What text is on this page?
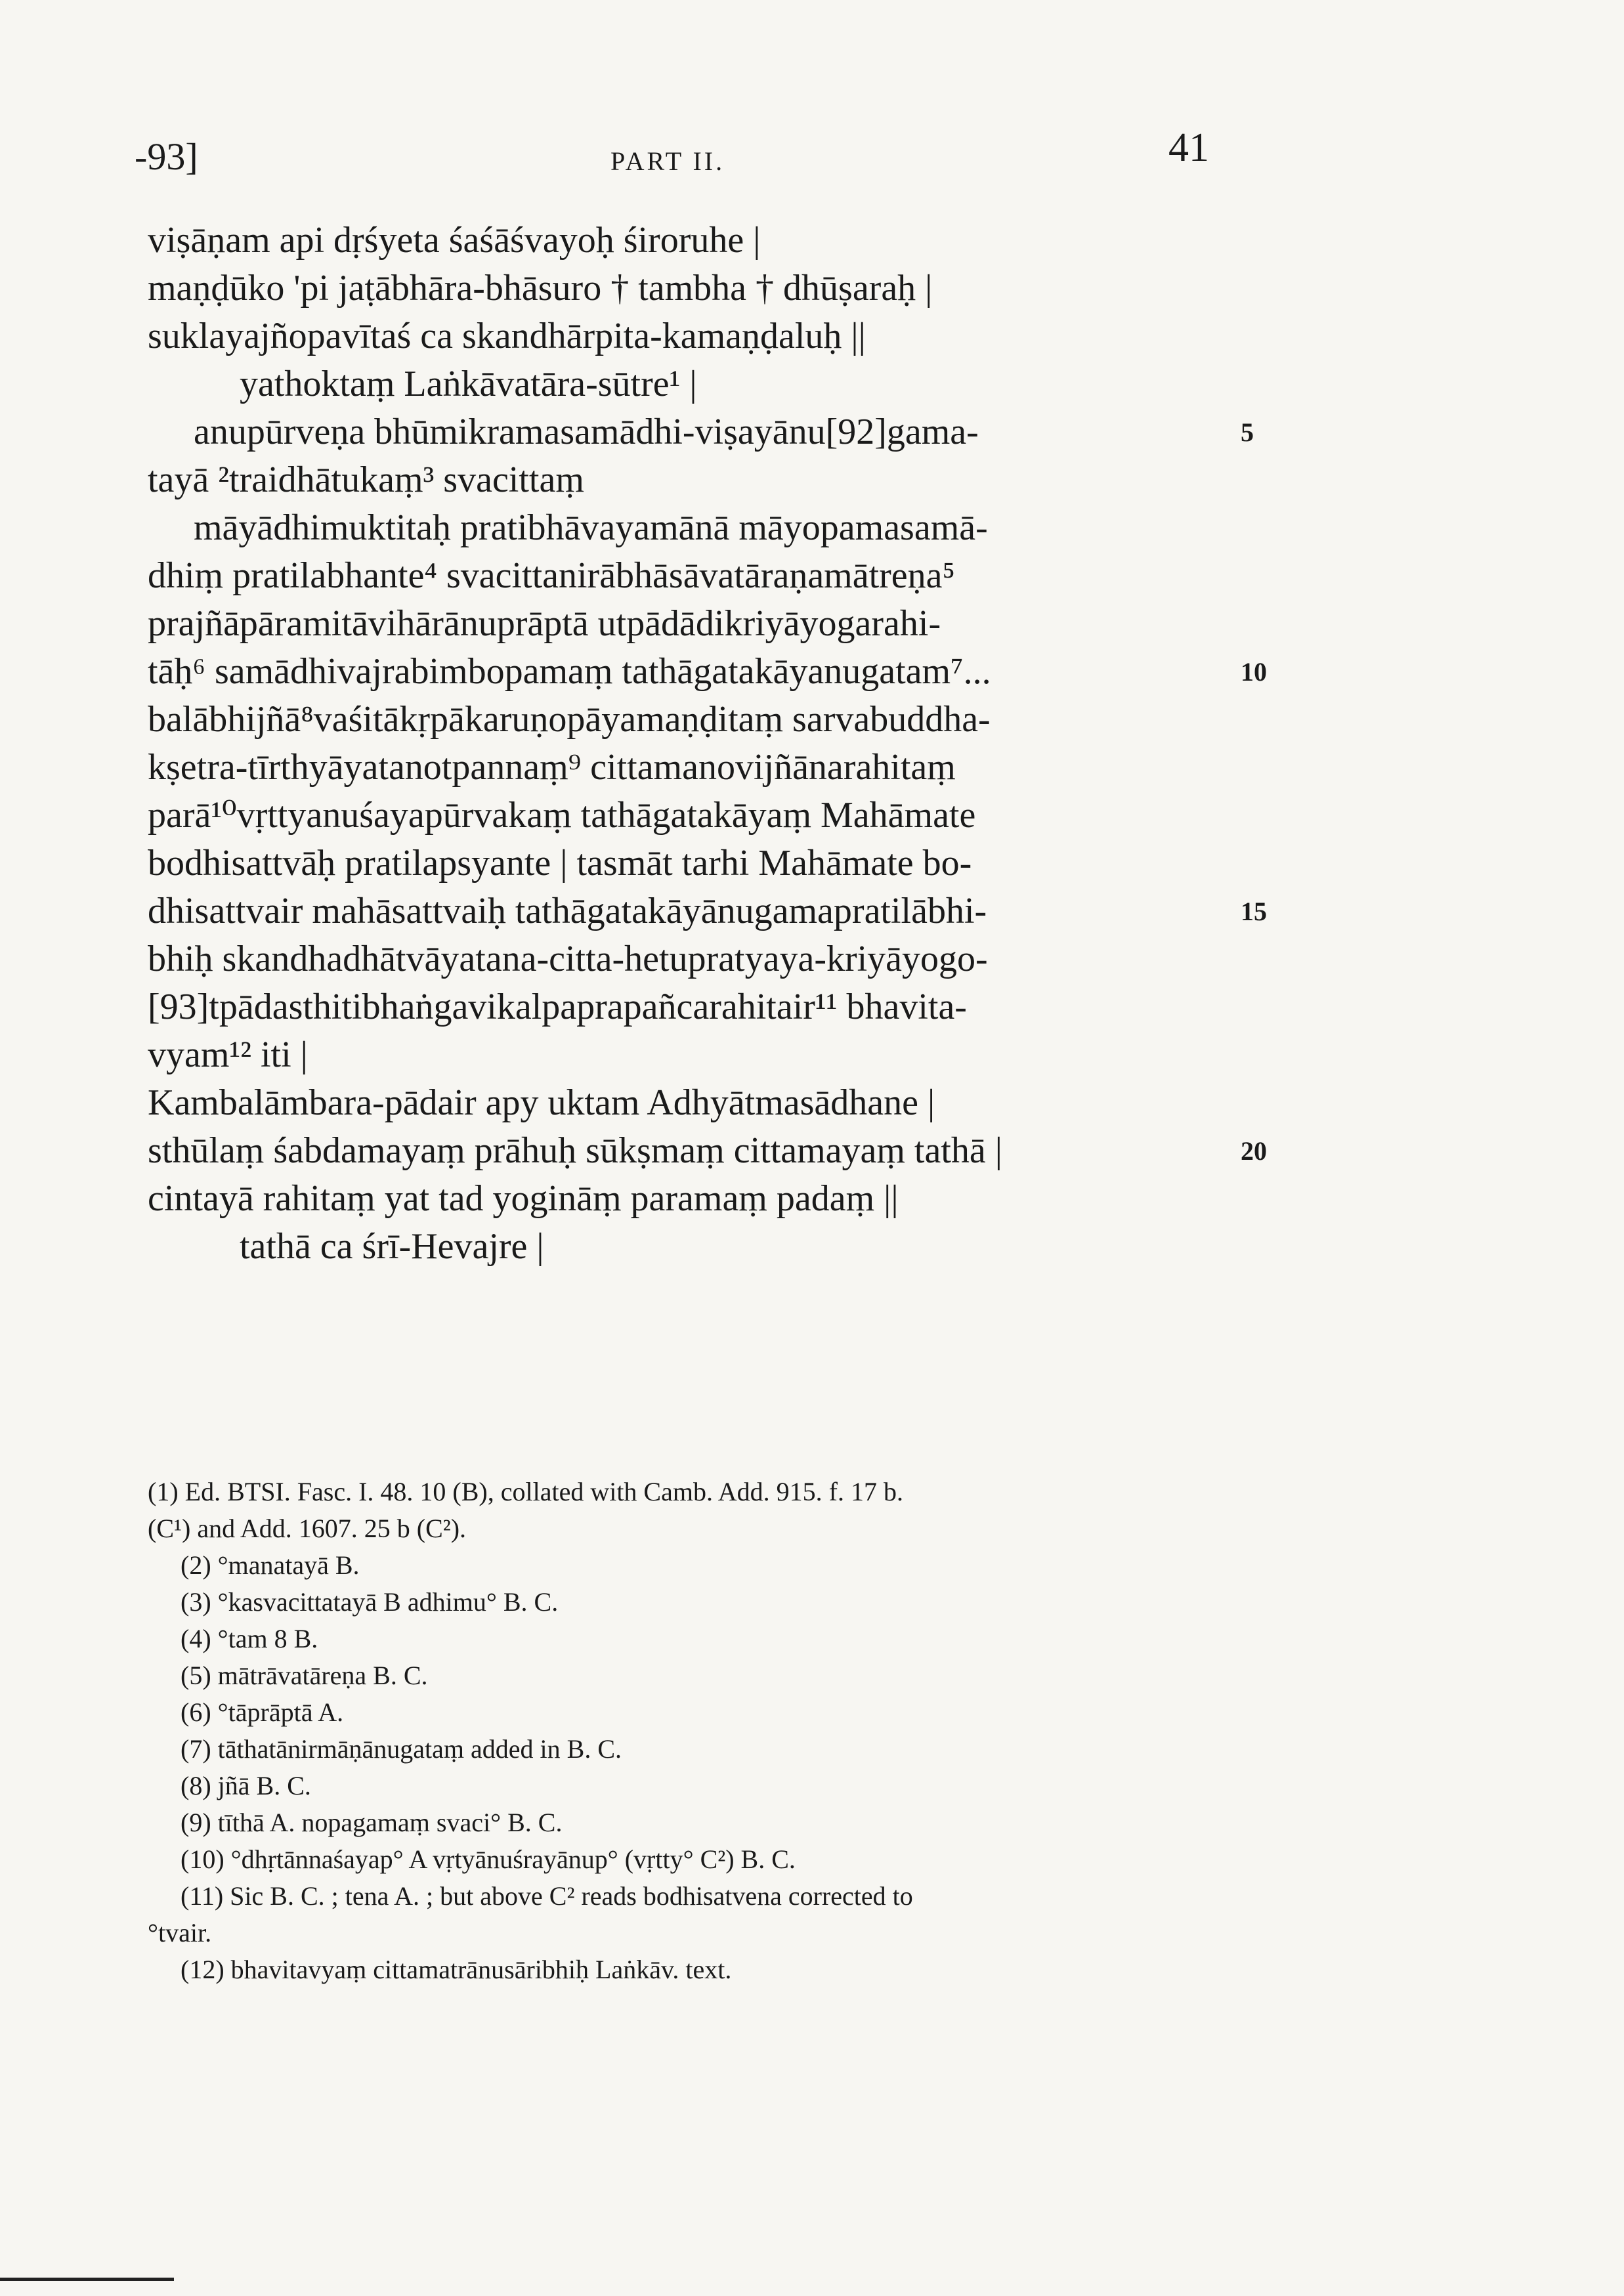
-93]	PART II.	41
viṣāṇam api dṛśyeta śaśāśvayoḥ śiroruhe |
maṇḍūko 'pi jaṭābhāra-bhāsuro † tambha † dhūṣaraḥ |
suklayajñopavītaś ca skandhārpita-kamaṇḍaluḥ ||
yathoktaṃ Laṅkāvatāra-sūtre¹ |
anupūrveṇa bhūmikramasamādhi-viṣayānu[92]gama-	5
tayā ²traidhātukaṃ³ svacittaṃ
māyādhimuktitaḥ pratibhāvayamānā māyopamasamā-
dhiṃ pratilabhante⁴ svacittanirābhāsāvatāraṇamātreṇa⁵
prajñāpāramitāvihārānuprāptā utpādādikriyāyogarahi-
tāḥ⁶ samādhivajrabimbopamaṃ tathāgatakāyanugatam⁷...	10
balābhijñā⁸vaśitākṛpākaruṇopāyamaṇḍitaṃ sarvabuddha-
kṣetra-tīrthyāyatanotpannaṃ⁹ cittamanovijñānarahitaṃ
parā¹⁰vṛttyanuśayapūrvakaṃ tathāgatakāyaṃ Mahāmate
bodhisattvāḥ pratilapsyante | tasmāt tarhi Mahāmate bo-
dhisattvair mahāsattvaiḥ tathāgatakāyānugamapratilābhi-	15
bhiḥ skandhadhātvāyatana-citta-hetupratyaya-kriyāyogo-
[93]tpādasthitibhaṅgavikalpaprapañcarahitair¹¹ bhavita-
vyam¹² iti |
Kambalāmbara-pādair apy uktam Adhyātmasādhane |
sthūlaṃ śabdamayaṃ prāhuḥ sūkṣmaṃ cittamayaṃ tathā |	20
cintayā rahitaṃ yat tad yogināṃ paramaṃ padaṃ ||
tathā ca śrī-Hevajre |
(1) Ed. BTSI. Fasc. I. 48. 10 (B), collated with Camb. Add. 915. f. 17 b.
(C¹) and Add. 1607. 25 b (C²).
(2) °manatayā B.
(3) °kasvacittatayā B adhimu° B. C.
(4) °tam 8 B.
(5) mātrāvatāreṇa B. C.
(6) °tāprāptā A.
(7) tāthatānirmāṇānugataṃ added in B. C.
(8) jñā B. C.
(9) tīthā A. nopagamaṃ svaci° B. C.
(10) °dhṛtānnaśayap° A vṛtyānuśrayānup° (vṛtty° C²) B. C.
(11) Sic B. C. ; tena A. ; but above C² reads bodhisatvena corrected to
°tvair.
(12) bhavitavyaṃ cittamatrānusāribhiḥ Laṅkāv. text.
